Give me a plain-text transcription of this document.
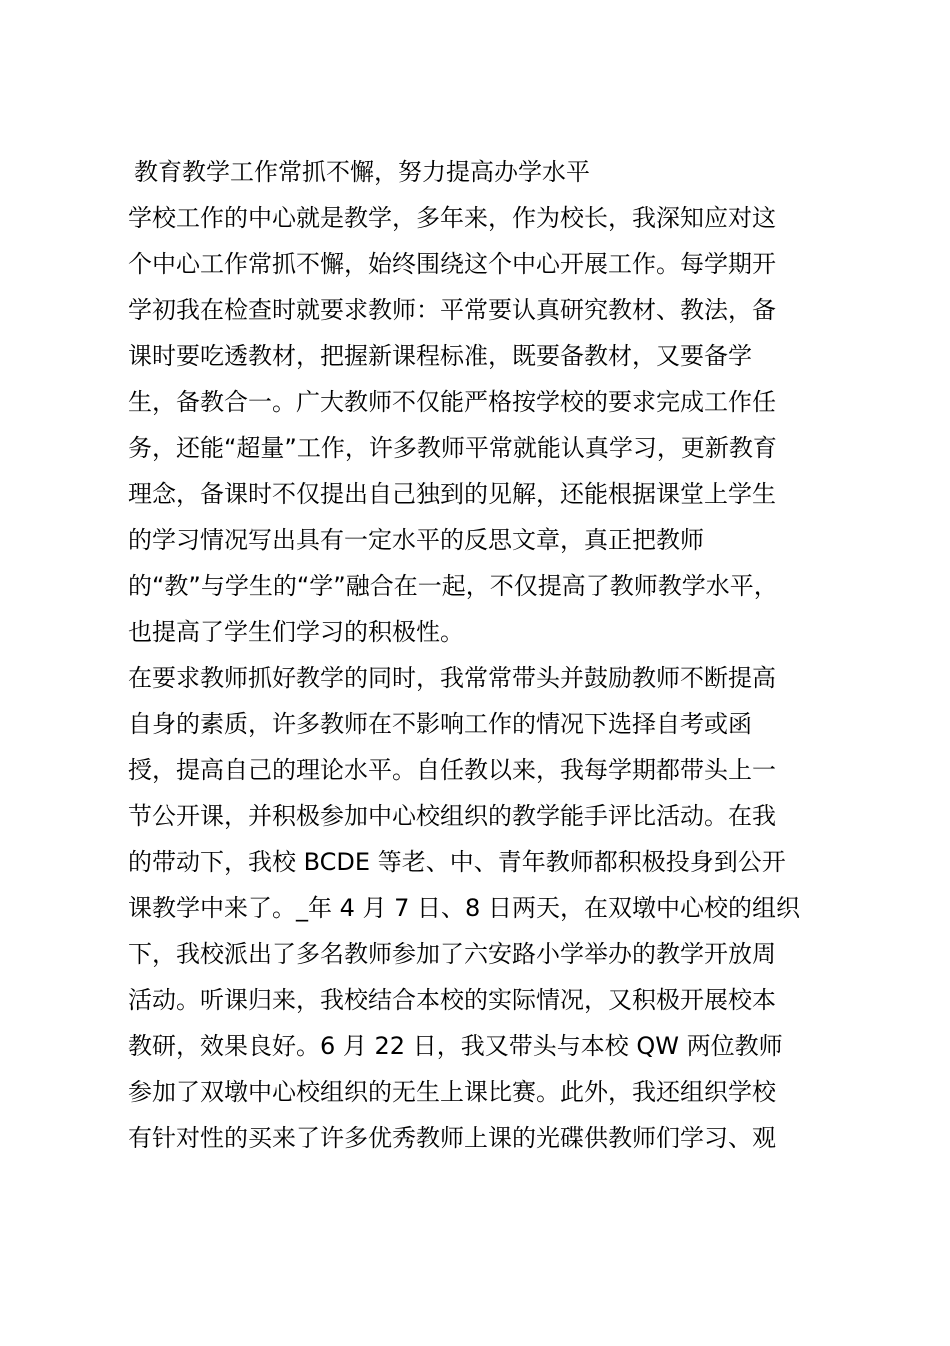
教育教学工作常抓不懈，努力提高办学水平
学校工作的中心就是教学，多年来，作为校长，我深知应对这
个中心工作常抓不懈，始终围绕这个中心开展工作。每学期开
学初我在检查时就要求教师：平常要认真研究教材、教法，备
课时要吃透教材，把握新课程标准，既要备教材，又要备学
生，备教合一。广大教师不仅能严格按学校的要求完成工作任
务，还能“超量”工作，许多教师平常就能认真学习，更新教育
理念，备课时不仅提出自己独到的见解，还能根据课堂上学生
的学习情况写出具有一定水平的反思文章，真正把教师
的“教”与学生的“学”融合在一起，不仅提高了教师教学水平，
也提高了学生们学习的积极性。
在要求教师抓好教学的同时，我常常带头并鼓励教师不断提高
自身的素质，许多教师在不影响工作的情况下选择自考或函
授，提高自己的理论水平。自任教以来，我每学期都带头上一
节公开课，并积极参加中心校组织的教学能手评比活动。在我
的带动下，我校 BCDE 等老、中、青年教师都积极投身到公开
课教学中来了。_年 4 月 7 日、8 日两天，在双墩中心校的组织
下，我校派出了多名教师参加了六安路小学举办的教学开放周
活动。听课归来，我校结合本校的实际情况，又积极开展校本
教研，效果良好。6 月 22 日，我又带头与本校 QW 两位教师
参加了双墩中心校组织的无生上课比赛。此外，我还组织学校
有针对性的买来了许多优秀教师上课的光碟供教师们学习、观
